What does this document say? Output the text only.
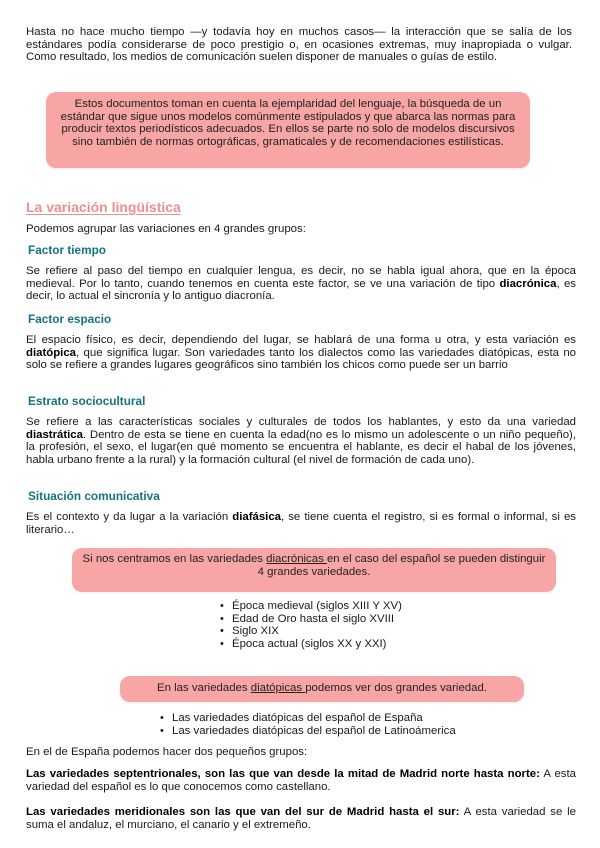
Hasta no hace mucho tiempo —y todavía hoy en muchos casos— la interacción que se salía de los estándares podía considerarse de poco prestigio o, en ocasiones extremas, muy inapropiada o vulgar. Como resultado, los medios de comunicación suelen disponer de manuales o guías de estilo.

Estos documentos toman en cuenta la ejemplaridad del lenguaje, la búsqueda de un estándar que sigue unos modelos comúnmente estipulados y que abarca las normas para producir textos periodísticos adecuados. En ellos se parte no solo de modelos discursivos sino también de normas ortográficas, gramaticales y de recomendaciones estilísticas.

La variación lingüística

Podemos agrupar las variaciones en 4 grandes grupos:

Factor tiempo

Se refiere al paso del tiempo en cualquier lengua, es decir, no se habla igual ahora, que en la época medieval. Por lo tanto, cuando tenemos en cuenta este factor, se ve una variación de tipo diacrónica, es decir, lo actual el sincronía y lo antiguo diacronía.

Factor espacio

El espacio físico, es decir, dependiendo del lugar, se hablará de una forma u otra, y esta variación es diatópica, que significa lugar. Son variedades tanto los dialectos como las variedades diatópicas, esta no solo se refiere a grandes lugares geográficos sino también los chicos como puede ser un barrio

Estrato sociocultural

Se refiere a las características sociales y culturales de todos los hablantes, y esto da una variedad diastrática. Dentro de esta se tiene en cuenta la edad(no es lo mismo un adolescente o un niño pequeño), la profesión, el sexo, el lugar(en qué momento se encuentra el hablante, es decir el habal de los jóvenes, habla urbano frente a la rural) y la formación cultural (el nivel de formación de cada uno).

Situación comunicativa

Es el contexto y da lugar a la variación diafásica, se tiene cuenta el registro, si es formal o informal, si es literario…

Si nos centramos en las variedades diacrónicas en el caso del español se pueden distinguir 4 grandes variedades.

• Época medieval (siglos XIII Y XV)
• Edad de Oro hasta el siglo XVIII
• Siglo XIX
• Época actual (siglos XX y XXI)

En las variedades diatópicas podemos ver dos grandes variedad.

• Las variedades diatópicas del español de España
• Las variedades diatópicas del español de Latinoámerica

En el de España podemos hacer dos pequeños grupos:

Las variedades septentrionales, son las que van desde la mitad de Madrid norte hasta norte: A esta variedad del español es lo que conocemos como castellano.

Las variedades meridionales son las que van del sur de Madrid hasta el sur: A esta variedad se le suma el andaluz, el murciano, el canario y el extremeño.
